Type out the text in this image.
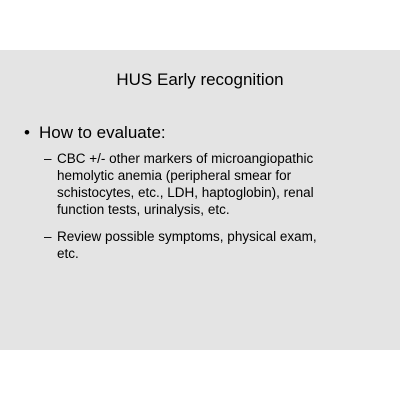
HUS Early recognition
• How to evaluate:
– CBC +/- other markers of microangiopathic
hemolytic anemia (peripheral smear for
schistocytes, etc., LDH, haptoglobin), renal
function tests, urinalysis, etc.
– Review possible symptoms, physical exam,
etc.
